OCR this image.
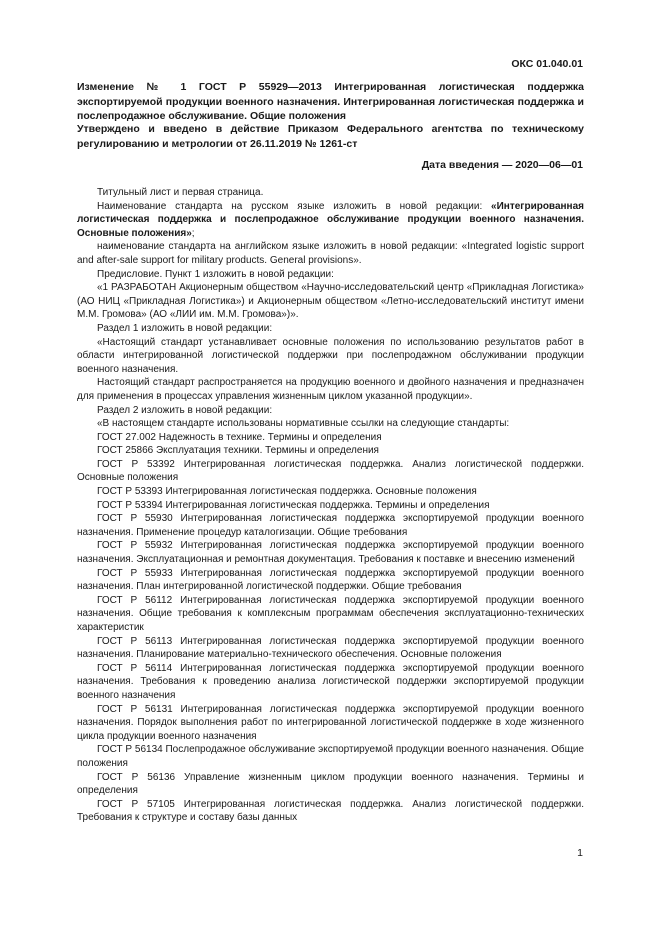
ОКС 01.040.01

Изменение № 1 ГОСТ Р 55929—2013 Интегрированная логистическая поддержка экспортируемой продукции военного назначения. Интегрированная логистическая поддержка и послепродажное обслуживание. Общие положения

Утверждено и введено в действие Приказом Федерального агентства по техническому регулированию и метрологии от 26.11.2019 № 1261-ст

Дата введения — 2020—06—01

Титульный лист и первая страница.

Наименование стандарта на русском языке изложить в новой редакции: «Интегрированная логистическая поддержка и послепродажное обслуживание продукции военного назначения. Основные положения»;

наименование стандарта на английском языке изложить в новой редакции: «Integrated logistic support and after-sale support for military products. General provisions».

Предисловие. Пункт 1 изложить в новой редакции:

«1 РАЗРАБОТАН Акционерным обществом «Научно-исследовательский центр «Прикладная Логистика» (АО НИЦ «Прикладная Логистика») и Акционерным обществом «Летно-исследовательский институт имени М.М. Громова» (АО «ЛИИ им. М.М. Громова»)».

Раздел 1 изложить в новой редакции:

«Настоящий стандарт устанавливает основные положения по использованию результатов работ в области интегрированной логистической поддержки при послепродажном обслуживании продукции военного назначения.

Настоящий стандарт распространяется на продукцию военного и двойного назначения и предназначен для применения в процессах управления жизненным циклом указанной продукции».

Раздел 2 изложить в новой редакции:

«В настоящем стандарте использованы нормативные ссылки на следующие стандарты:

ГОСТ 27.002 Надежность в технике. Термины и определения

ГОСТ 25866 Эксплуатация техники. Термины и определения

ГОСТ Р 53392 Интегрированная логистическая поддержка. Анализ логистической поддержки. Основные положения

ГОСТ Р 53393 Интегрированная логистическая поддержка. Основные положения

ГОСТ Р 53394 Интегрированная логистическая поддержка. Термины и определения

ГОСТ Р 55930 Интегрированная логистическая поддержка экспортируемой продукции военного назначения. Применение процедур каталогизации. Общие требования

ГОСТ Р 55932 Интегрированная логистическая поддержка экспортируемой продукции военного назначения. Эксплуатационная и ремонтная документация. Требования к поставке и внесению изменений

ГОСТ Р 55933 Интегрированная логистическая поддержка экспортируемой продукции военного назначения. План интегрированной логистической поддержки. Общие требования

ГОСТ Р 56112 Интегрированная логистическая поддержка экспортируемой продукции военного назначения. Общие требования к комплексным программам обеспечения эксплуатационно-технических характеристик

ГОСТ Р 56113 Интегрированная логистическая поддержка экспортируемой продукции военного назначения. Планирование материально-технического обеспечения. Основные положения

ГОСТ Р 56114 Интегрированная логистическая поддержка экспортируемой продукции военного назначения. Требования к проведению анализа логистической поддержки экспортируемой продукции военного назначения

ГОСТ Р 56131 Интегрированная логистическая поддержка экспортируемой продукции военного назначения. Порядок выполнения работ по интегрированной логистической поддержке в ходе жизненного цикла продукции военного назначения

ГОСТ Р 56134 Послепродажное обслуживание экспортируемой продукции военного назначения. Общие положения

ГОСТ Р 56136 Управление жизненным циклом продукции военного назначения. Термины и определения

ГОСТ Р 57105 Интегрированная логистическая поддержка. Анализ логистической поддержки. Требования к структуре и составу базы данных

1
